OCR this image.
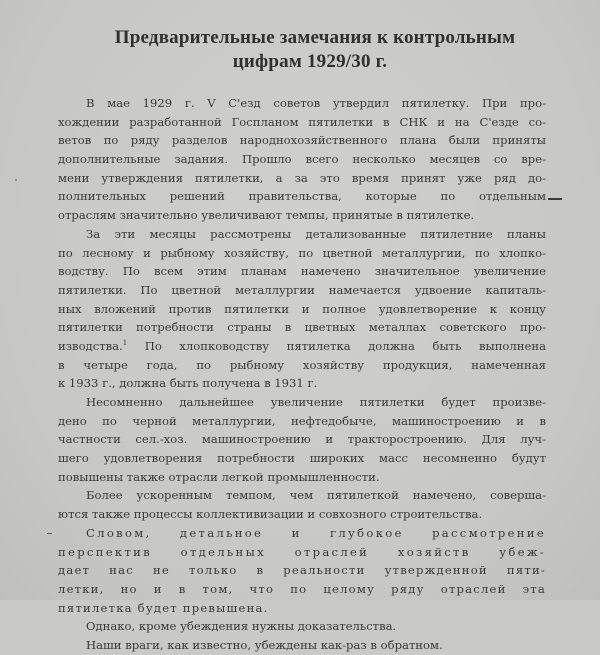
Предварительные замечания к контрольным
цифрам 1929/30 г.
В мае 1929 г. V С'езд советов утвердил пятилетку. При про-
хождении разработанной Госпланом пятилетки в СНК и на С'езде со-
ветов по ряду разделов народнохозяйственного плана были приняты
дополнительные задания. Прошло всего несколько месяцев со вре-
мени утверждения пятилетки, а за это время принят уже ряд до-
полнительных решений правительства, которые по отдельным
отраслям значительно увеличивают темпы, принятые в пятилетке.
За эти месяцы рассмотрены детализованные пятилетние планы
по лесному и рыбному хозяйству, по цветной металлургии, по хлопко-
водству. По всем этим планам намечено значительное увеличение
пятилетки. По цветной металлургии намечается удвоение капиталь-
ных вложений против пятилетки и полное удовлетворение к концу
пятилетки потребности страны в цветных металлах советского про-
изводства.$^1$ По хлопководству пятилетка должна быть выполнена
в четыре года, по рыбному хозяйству продукция, намеченная
к 1933 г., должна быть получена в 1931 г.
Несомненно дальнейшее увеличение пятилетки будет произве-
дено по черной металлургии, нефтедобыче, машиностроению и в
частности сел.-хоз. машиностроению и тракторостроению. Для луч-
шего удовлетворения потребности широких масс несомненно будут
повышены также отрасли легкой промышленности.
Более ускоренным темпом, чем пятилеткой намечено, соверша-
ются также процессы коллективизации и совхозного строительства.
Словом, детальное и глубокое рассмотрение
перспектив отдельных отраслей хозяйств убеж-
дает нас не только в реальности утвержденной пяти-
летки, но и в том, что по целому ряду отраслей эта
пятилетка будет превышена.
Однако, кроме убеждения нужны доказательства.
Наши враги, как известно, убеждены как-раз в обратном.
